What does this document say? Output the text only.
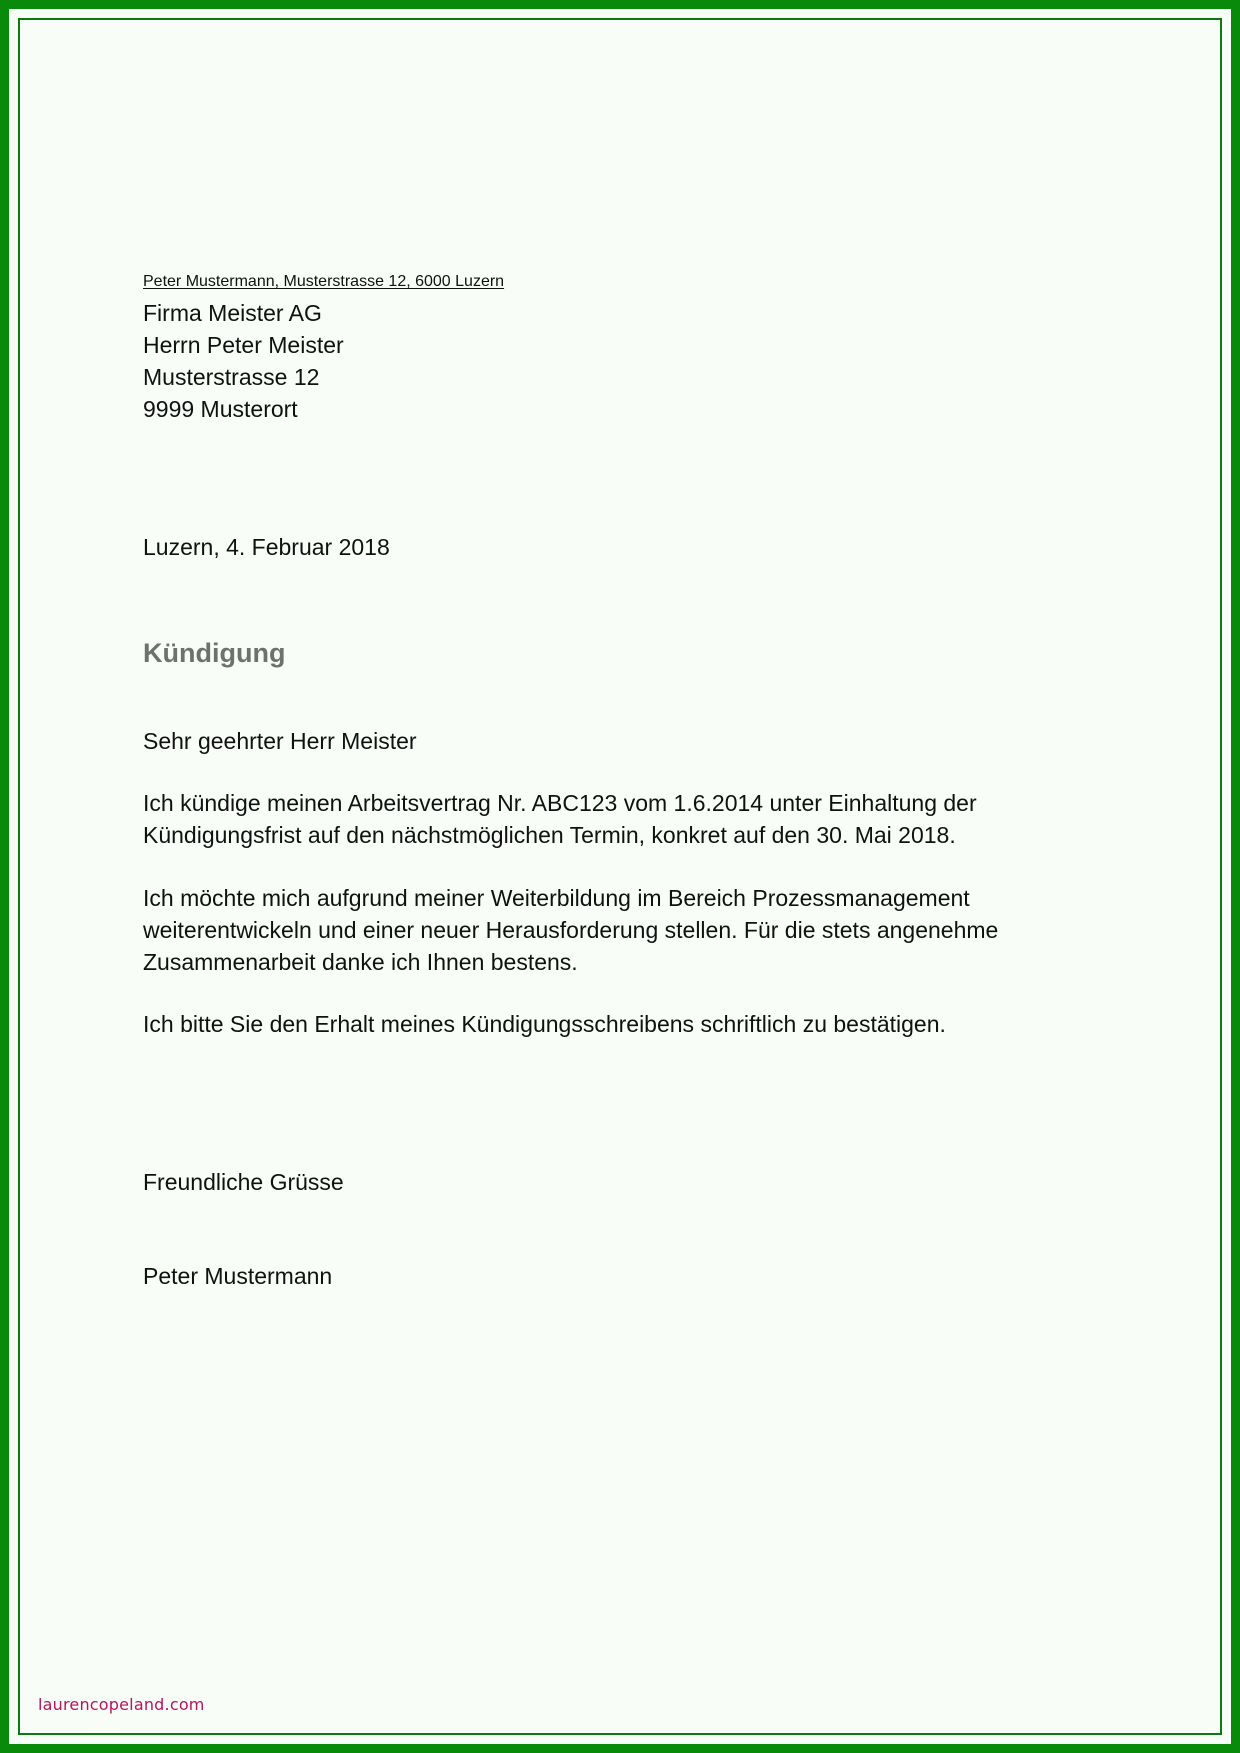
Peter Mustermann, Musterstrasse 12, 6000 Luzern

Firma Meister AG

Herrn Peter Meister

Musterstrasse 12

9999 Musterort

Luzern, 4. Februar 2018

Kündigung

Sehr geehrter Herr Meister

Ich kündige meinen Arbeitsvertrag Nr. ABC123 vom 1.6.2014 unter Einhaltung der
Kündigungsfrist auf den nächstmöglichen Termin, konkret auf den 30. Mai 2018.
Ich möchte mich aufgrund meiner Weiterbildung im Bereich Prozessmanagement
weiterentwickeln und einer neuer Herausforderung stellen. Für die stets angenehme
Zusammenarbeit danke ich Ihnen bestens.
Ich bitte Sie den Erhalt meines Kündigungsschreibens schriftlich zu bestätigen.

Freundliche Grüsse

Peter Mustermann

laurencopeland.com
